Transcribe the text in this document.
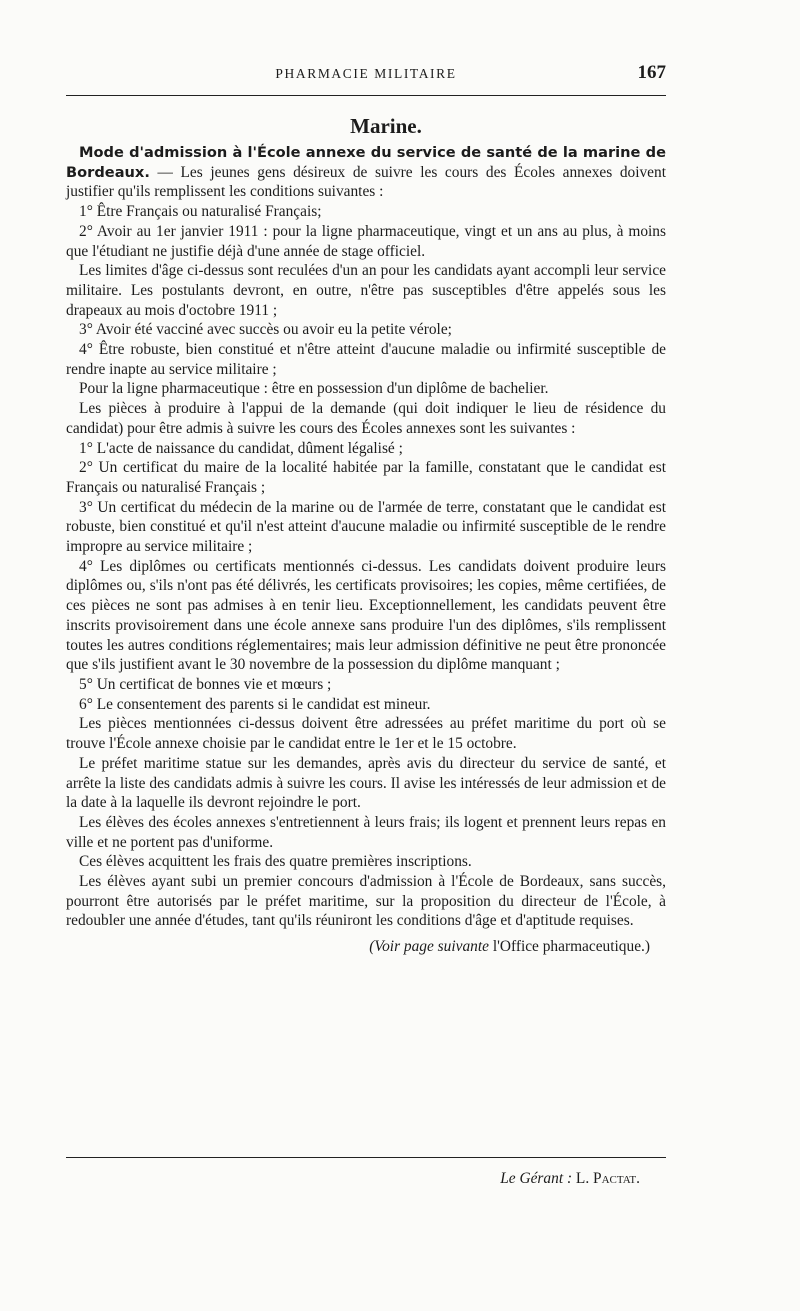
PHARMACIE MILITAIRE	167
Marine.

Mode d'admission à l'École annexe du service de santé de la marine de Bordeaux. — Les jeunes gens désireux de suivre les cours des Écoles annexes doivent justifier qu'ils remplissent les conditions suivantes :

1° Être Français ou naturalisé Français;

2° Avoir au 1er janvier 1911 : pour la ligne pharmaceutique, vingt et un ans au plus, à moins que l'étudiant ne justifie déjà d'une année de stage officiel.

Les limites d'âge ci-dessus sont reculées d'un an pour les candidats ayant accompli leur service militaire. Les postulants devront, en outre, n'être pas susceptibles d'être appelés sous les drapeaux au mois d'octobre 1911 ;

3° Avoir été vacciné avec succès ou avoir eu la petite vérole;

4° Être robuste, bien constitué et n'être atteint d'aucune maladie ou infirmité susceptible de rendre inapte au service militaire ;

Pour la ligne pharmaceutique : être en possession d'un diplôme de bachelier.

Les pièces à produire à l'appui de la demande (qui doit indiquer le lieu de résidence du candidat) pour être admis à suivre les cours des Écoles annexes sont les suivantes :

1° L'acte de naissance du candidat, dûment légalisé ;

2° Un certificat du maire de la localité habitée par la famille, constatant que le candidat est Français ou naturalisé Français ;

3° Un certificat du médecin de la marine ou de l'armée de terre, constatant que le candidat est robuste, bien constitué et qu'il n'est atteint d'aucune maladie ou infirmité susceptible de le rendre impropre au service militaire ;

4° Les diplômes ou certificats mentionnés ci-dessus. Les candidats doivent produire leurs diplômes ou, s'ils n'ont pas été délivrés, les certificats provisoires; les copies, même certifiées, de ces pièces ne sont pas admises à en tenir lieu. Exceptionnellement, les candidats peuvent être inscrits provisoirement dans une école annexe sans produire l'un des diplômes, s'ils remplissent toutes les autres conditions réglementaires; mais leur admission définitive ne peut être prononcée que s'ils justifient avant le 30 novembre de la possession du diplôme manquant ;

5° Un certificat de bonnes vie et mœurs ;

6° Le consentement des parents si le candidat est mineur.

Les pièces mentionnées ci-dessus doivent être adressées au préfet maritime du port où se trouve l'École annexe choisie par le candidat entre le 1er et le 15 octobre.

Le préfet maritime statue sur les demandes, après avis du directeur du service de santé, et arrête la liste des candidats admis à suivre les cours. Il avise les intéressés de leur admission et de la date à la laquelle ils devront rejoindre le port.

Les élèves des écoles annexes s'entretiennent à leurs frais; ils logent et prennent leurs repas en ville et ne portent pas d'uniforme.

Ces élèves acquittent les frais des quatre premières inscriptions.

Les élèves ayant subi un premier concours d'admission à l'École de Bordeaux, sans succès, pourront être autorisés par le préfet maritime, sur la proposition du directeur de l'École, à redoubler une année d'études, tant qu'ils réuniront les conditions d'âge et d'aptitude requises.

(Voir page suivante l'Office pharmaceutique.)

Le Gérant : L. Pactat.
